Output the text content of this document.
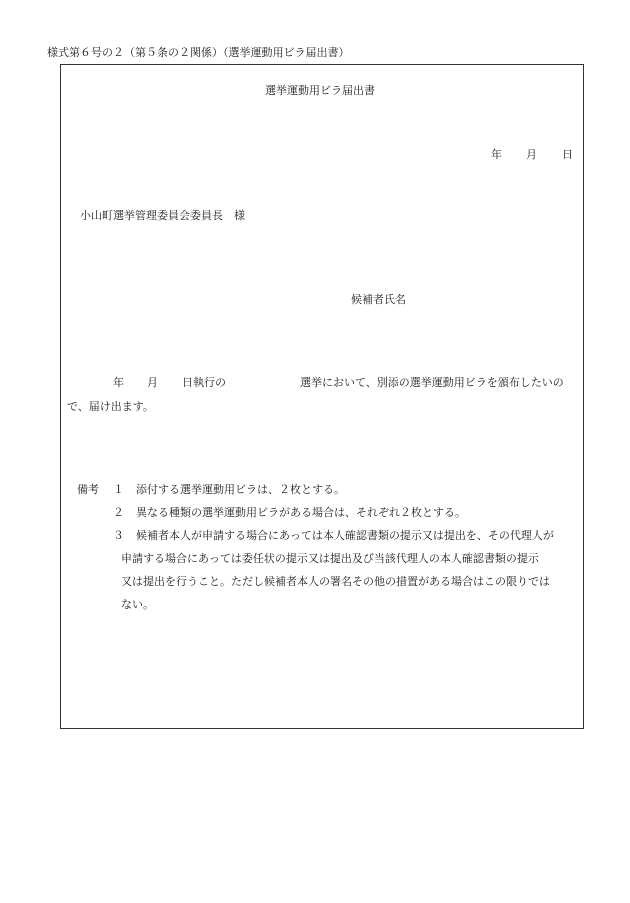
様式第６号の２（第５条の２関係）（選挙運動用ビラ届出書）
選挙運動用ビラ届出書
年 月 日
小山町選挙管理委員会委員長　様
候補者氏名
年 月 日執行の	選挙において、別添の選挙運動用ビラを頒布したいの
で、届け出ます。
備考 １ 添付する選挙運動用ビラは、２枚とする。
２ 異なる種類の選挙運動用ビラがある場合は、それぞれ２枚とする。
３ 候補者本人が申請する場合にあっては本人確認書類の提示又は提出を、その代理人が
申請する場合にあっては委任状の提示又は提出及び当該代理人の本人確認書類の提示
又は提出を行うこと。ただし候補者本人の署名その他の措置がある場合はこの限りでは
ない。
